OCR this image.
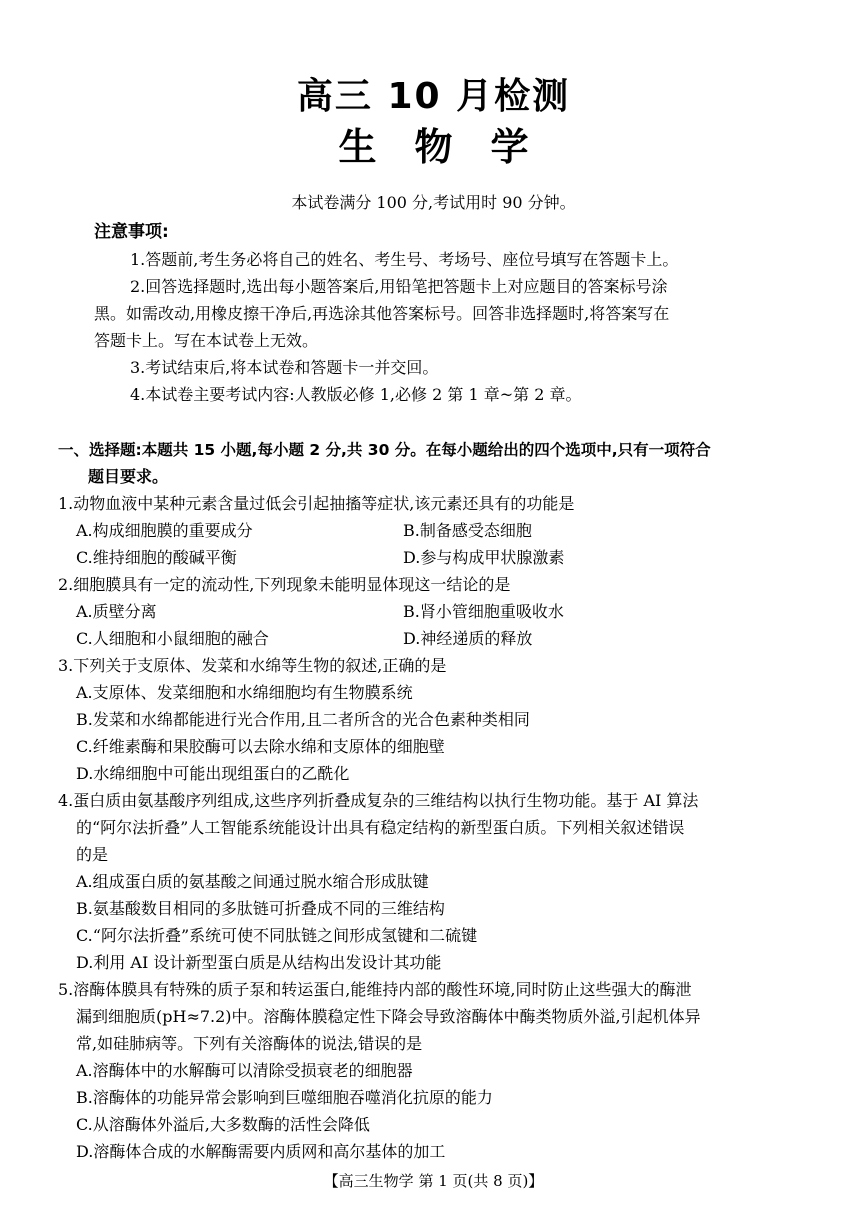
高三 10 月检测
生物学
本试卷满分 100 分,考试用时 90 分钟。
注意事项:
1.答题前,考生务必将自己的姓名、考生号、考场号、座位号填写在答题卡上。
2.回答选择题时,选出每小题答案后,用铅笔把答题卡上对应题目的答案标号涂
黑。如需改动,用橡皮擦干净后,再选涂其他答案标号。回答非选择题时,将答案写在
答题卡上。写在本试卷上无效。
3.考试结束后,将本试卷和答题卡一并交回。
4.本试卷主要考试内容:人教版必修 1,必修 2 第 1 章~第 2 章。
一、选择题:本题共 15 小题,每小题 2 分,共 30 分。在每小题给出的四个选项中,只有一项符合
题目要求。
1.动物血液中某种元素含量过低会引起抽搐等症状,该元素还具有的功能是
A.构成细胞膜的重要成分	B.制备感受态细胞
C.维持细胞的酸碱平衡	D.参与构成甲状腺激素
2.细胞膜具有一定的流动性,下列现象未能明显体现这一结论的是
A.质壁分离	B.肾小管细胞重吸收水
C.人细胞和小鼠细胞的融合	D.神经递质的释放
3.下列关于支原体、发菜和水绵等生物的叙述,正确的是
A.支原体、发菜细胞和水绵细胞均有生物膜系统
B.发菜和水绵都能进行光合作用,且二者所含的光合色素种类相同
C.纤维素酶和果胶酶可以去除水绵和支原体的细胞壁
D.水绵细胞中可能出现组蛋白的乙酰化
4.蛋白质由氨基酸序列组成,这些序列折叠成复杂的三维结构以执行生物功能。基于 AI 算法
的“阿尔法折叠”人工智能系统能设计出具有稳定结构的新型蛋白质。下列相关叙述错误
的是
A.组成蛋白质的氨基酸之间通过脱水缩合形成肽键
B.氨基酸数目相同的多肽链可折叠成不同的三维结构
C.“阿尔法折叠”系统可使不同肽链之间形成氢键和二硫键
D.利用 AI 设计新型蛋白质是从结构出发设计其功能
5.溶酶体膜具有特殊的质子泵和转运蛋白,能维持内部的酸性环境,同时防止这些强大的酶泄
漏到细胞质(pH≈7.2)中。溶酶体膜稳定性下降会导致溶酶体中酶类物质外溢,引起机体异
常,如硅肺病等。下列有关溶酶体的说法,错误的是
A.溶酶体中的水解酶可以清除受损衰老的细胞器
B.溶酶体的功能异常会影响到巨噬细胞吞噬消化抗原的能力
C.从溶酶体外溢后,大多数酶的活性会降低
D.溶酶体合成的水解酶需要内质网和高尔基体的加工
【高三生物学 第 1 页(共 8 页)】
